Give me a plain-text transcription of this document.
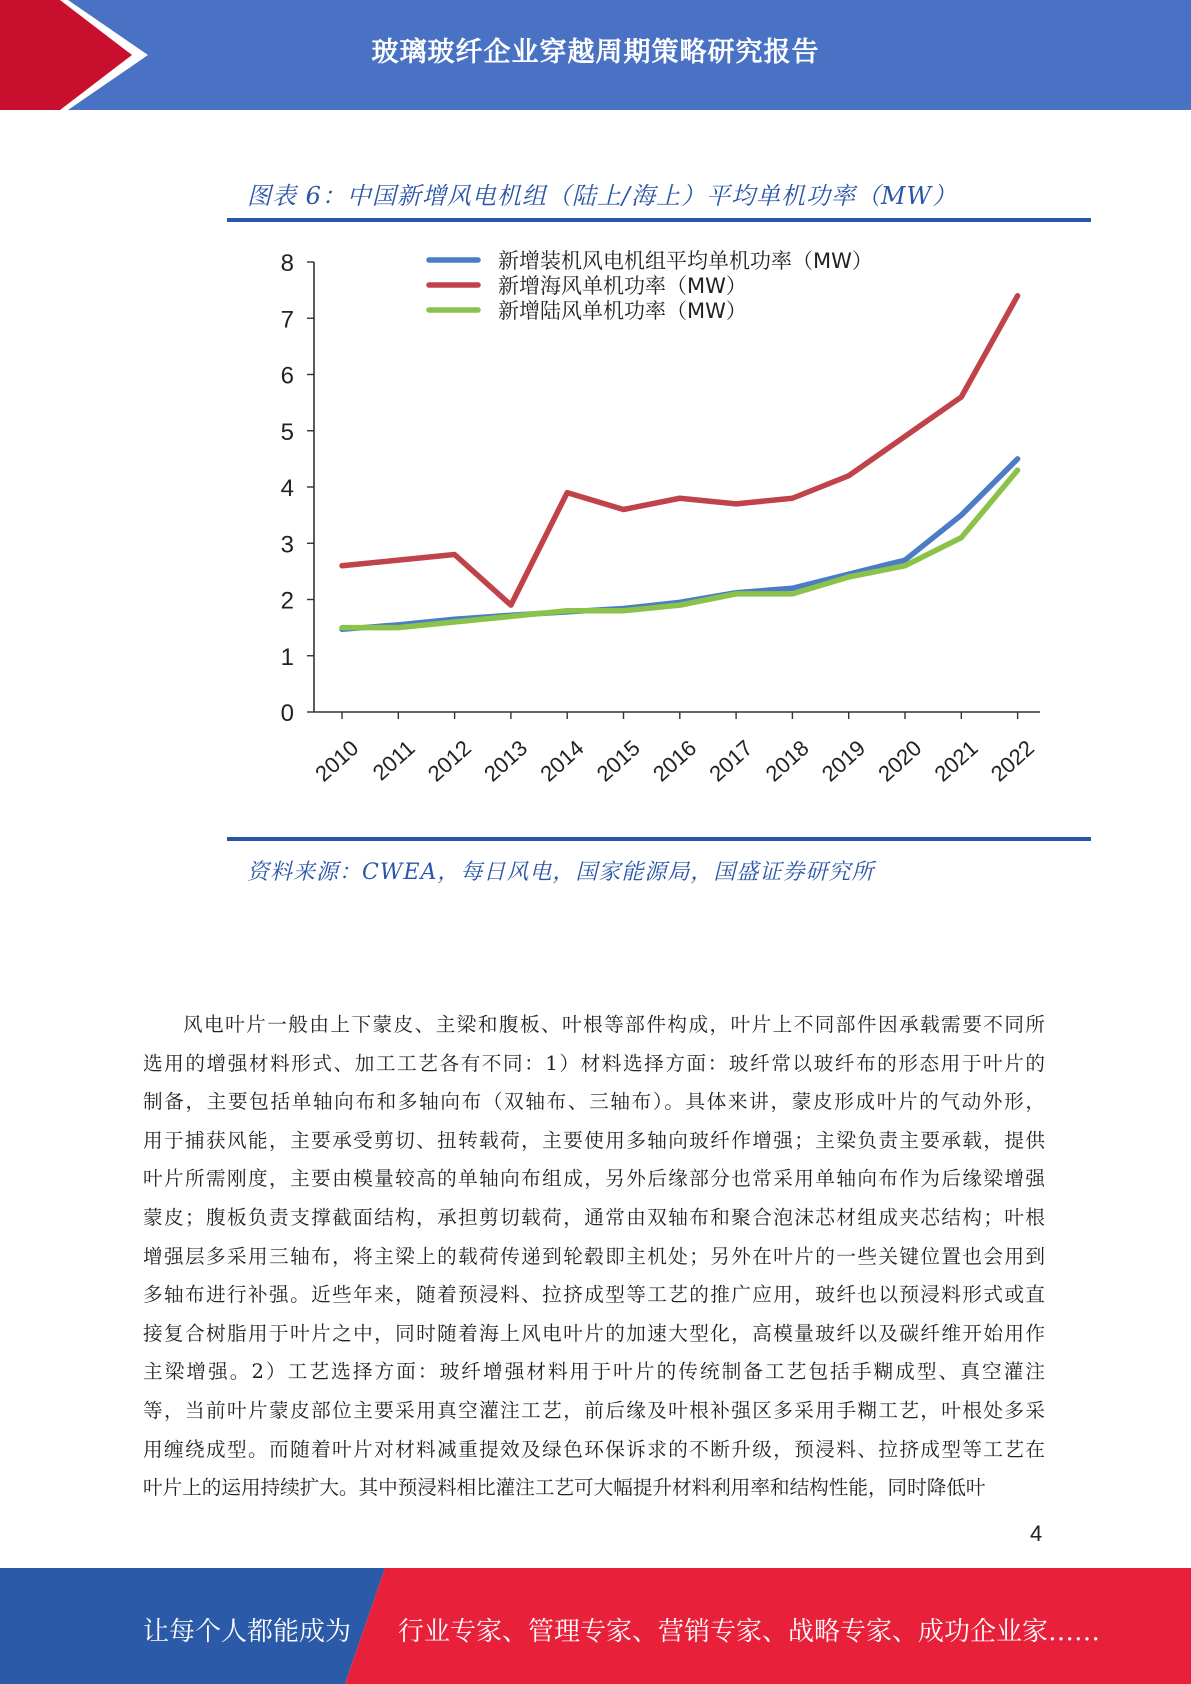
玻璃玻纤企业穿越周期策略研究报告
图表 6：中国新增风电机组（陆上/海上）平均单机功率（MW）
0
1
2
3
4
5
6
7
8
2010 2011 2012 2013 2014 2015 2016 2017 2018 2019 2020 2021 2022
新增装机风电机组平均单机功率（MW）
新增海风单机功率（MW）
新增陆风单机功率（MW）
资料来源：CWEA，每日风电，国家能源局，国盛证券研究所
风电叶片一般由上下蒙皮、主梁和腹板、叶根等部件构成，叶片上不同部件因承载需要不同所
选用的增强材料形式、加工工艺各有不同：1）材料选择方面：玻纤常以玻纤布的形态用于叶片的
制备，主要包括单轴向布和多轴向布（双轴布、三轴布）。具体来讲，蒙皮形成叶片的气动外形，
用于捕获风能，主要承受剪切、扭转载荷，主要使用多轴向玻纤作增强；主梁负责主要承载，提供
叶片所需刚度，主要由模量较高的单轴向布组成，另外后缘部分也常采用单轴向布作为后缘梁增强
蒙皮；腹板负责支撑截面结构，承担剪切载荷，通常由双轴布和聚合泡沫芯材组成夹芯结构；叶根
增强层多采用三轴布，将主梁上的载荷传递到轮毂即主机处；另外在叶片的一些关键位置也会用到
多轴布进行补强。近些年来，随着预浸料、拉挤成型等工艺的推广应用，玻纤也以预浸料形式或直
接复合树脂用于叶片之中，同时随着海上风电叶片的加速大型化，高模量玻纤以及碳纤维开始用作
主梁增强。2）工艺选择方面：玻纤增强材料用于叶片的传统制备工艺包括手糊成型、真空灌注
等，当前叶片蒙皮部位主要采用真空灌注工艺，前后缘及叶根补强区多采用手糊工艺，叶根处多采
用缠绕成型。而随着叶片对材料减重提效及绿色环保诉求的不断升级，预浸料、拉挤成型等工艺在
叶片上的运用持续扩大。其中预浸料相比灌注工艺可大幅提升材料利用率和结构性能，同时降低叶
4
让每个人都能成为 行业专家、管理专家、营销专家、战略专家、成功企业家……
